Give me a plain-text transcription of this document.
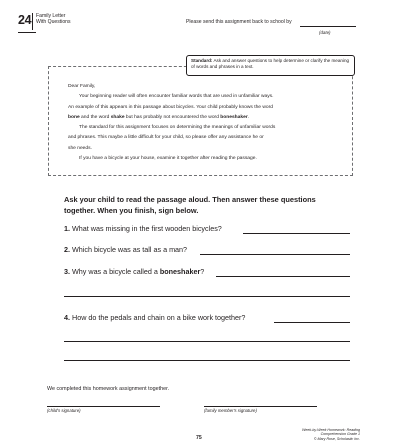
24 Family Letter
With Questions	Please send this assignment back to school by
(date)
Standard: Ask and answer questions to help determine or clarify the meaning of words and phrases in a text.
Dear Family,
Your beginning reader will often encounter familiar words that are used in unfamiliar ways.
An example of this appears in this passage about bicycles. Your child probably knows the word
bone and the word shake but has probably not encountered the word boneshaker.
The standard for this assignment focuses on determining the meanings of unfamiliar words
and phrases. This maybe a little difficult for your child, so please offer any assistance he or
she needs.
If you have a bicycle at your house, examine it together after reading the passage.
Ask your child to read the passage aloud. Then answer these questions
together. When you finish, sign below.
1. What was missing in the first wooden bicycles?
2. Which bicycle was as tall as a man?
3. Why was a bicycle called a boneshaker?
4. How do the pedals and chain on a bike work together?
We completed this homework assignment together.
(child's signature)	(family member's signature)
75
Week-by-Week Homework: Reading Comprehension Grade 1
© Mary Rose, Scholastic Inc.
